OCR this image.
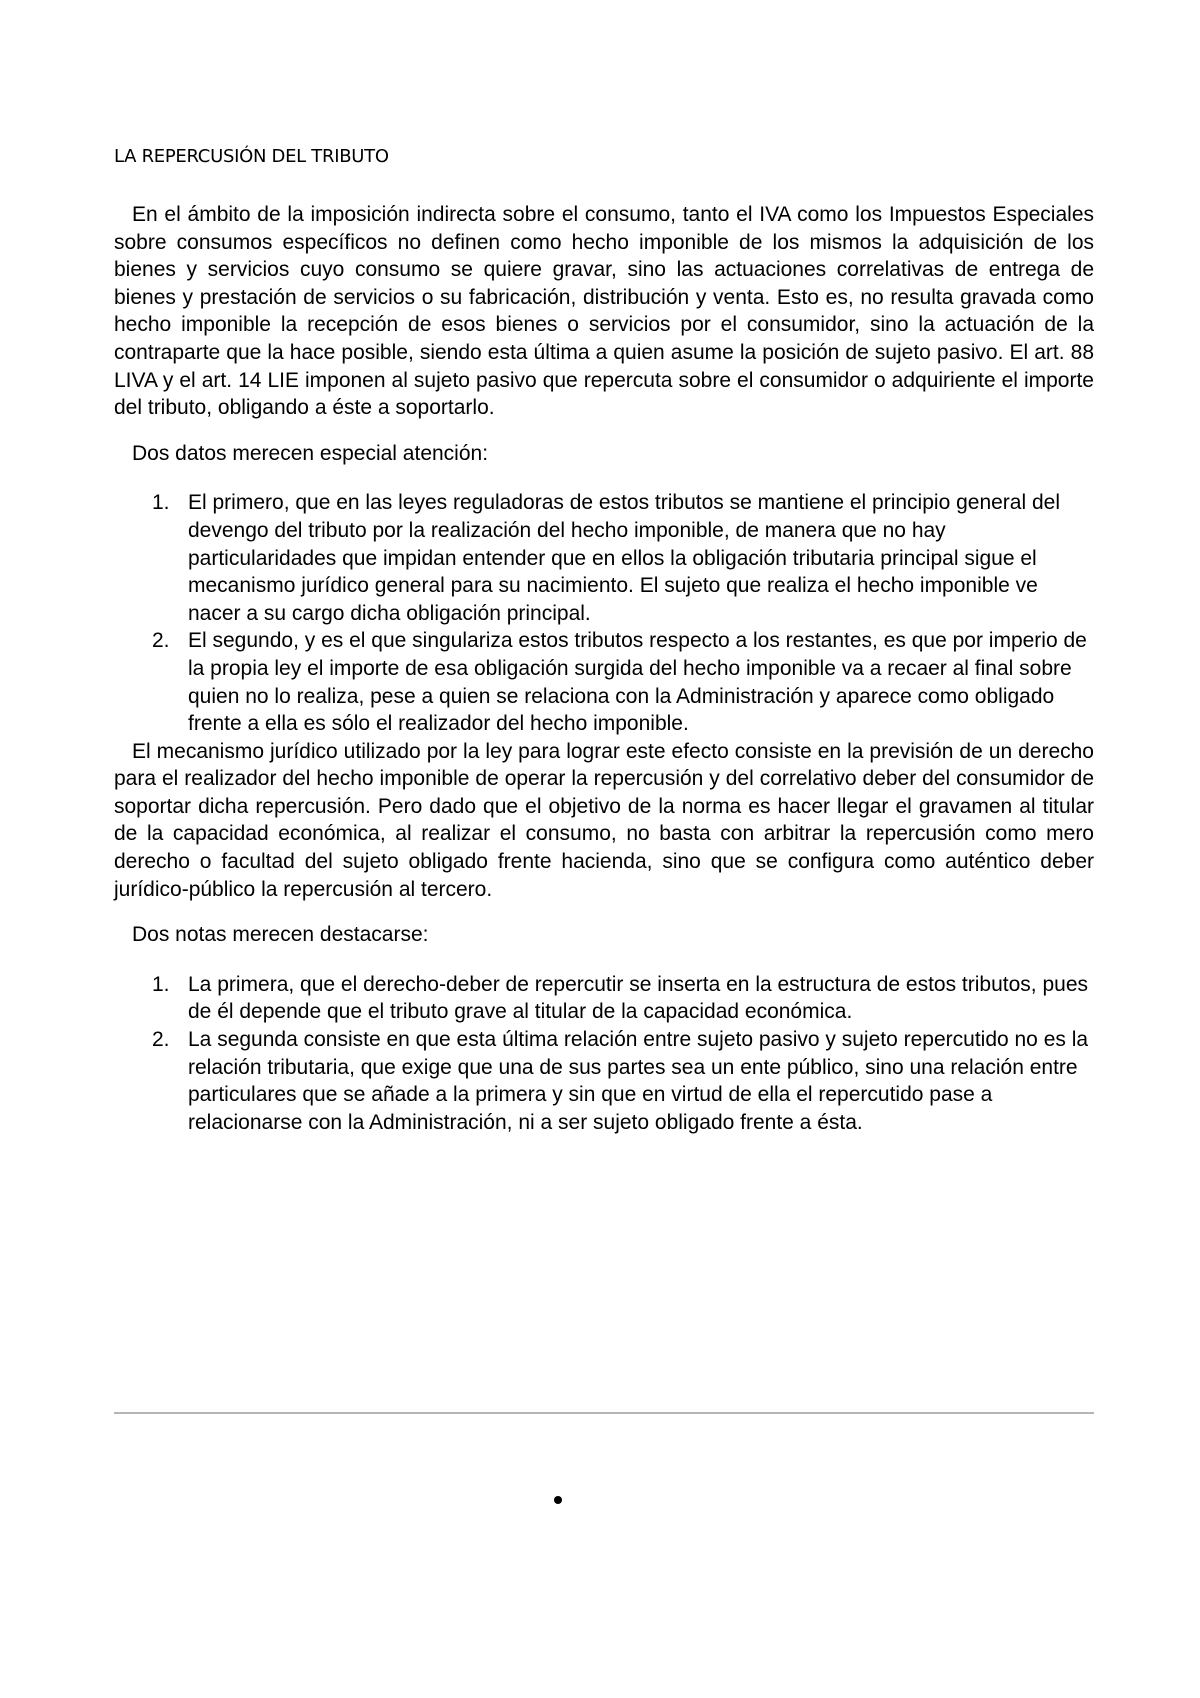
LA REPERCUSIÓN DEL TRIBUTO

En el ámbito de la imposición indirecta sobre el consumo, tanto el IVA como los Impuestos Especiales sobre consumos específicos no definen como hecho imponible de los mismos la adquisición de los bienes y servicios cuyo consumo se quiere gravar, sino las actuaciones correlativas de entrega de bienes y prestación de servicios o su fabricación, distribución y venta. Esto es, no resulta gravada como hecho imponible la recepción de esos bienes o servicios por el consumidor, sino la actuación de la contraparte que la hace posible, siendo esta última a quien asume la posición de sujeto pasivo. El art. 88 LIVA y el art. 14 LIE imponen al sujeto pasivo que repercuta sobre el consumidor o adquiriente el importe del tributo, obligando a éste a soportarlo.

Dos datos merecen especial atención:

1. El primero, que en las leyes reguladoras de estos tributos se mantiene el principio general del devengo del tributo por la realización del hecho imponible, de manera que no hay particularidades que impidan entender que en ellos la obligación tributaria principal sigue el mecanismo jurídico general para su nacimiento. El sujeto que realiza el hecho imponible ve nacer a su cargo dicha obligación principal.
2. El segundo, y es el que singulariza estos tributos respecto a los restantes, es que por imperio de la propia ley el importe de esa obligación surgida del hecho imponible va a recaer al final sobre quien no lo realiza, pese a quien se relaciona con la Administración y aparece como obligado frente a ella es sólo el realizador del hecho imponible.

El mecanismo jurídico utilizado por la ley para lograr este efecto consiste en la previsión de un derecho para el realizador del hecho imponible de operar la repercusión y del correlativo deber del consumidor de soportar dicha repercusión. Pero dado que el objetivo de la norma es hacer llegar el gravamen al titular de la capacidad económica, al realizar el consumo, no basta con arbitrar la repercusión como mero derecho o facultad del sujeto obligado frente hacienda, sino que se configura como auténtico deber jurídico-público la repercusión al tercero.

Dos notas merecen destacarse:

1. La primera, que el derecho-deber de repercutir se inserta en la estructura de estos tributos, pues de él depende que el tributo grave al titular de la capacidad económica.
2. La segunda consiste en que esta última relación entre sujeto pasivo y sujeto repercutido no es la relación tributaria, que exige que una de sus partes sea un ente público, sino una relación entre particulares que se añade a la primera y sin que en virtud de ella el repercutido pase a relacionarse con la Administración, ni a ser sujeto obligado frente a ésta.
